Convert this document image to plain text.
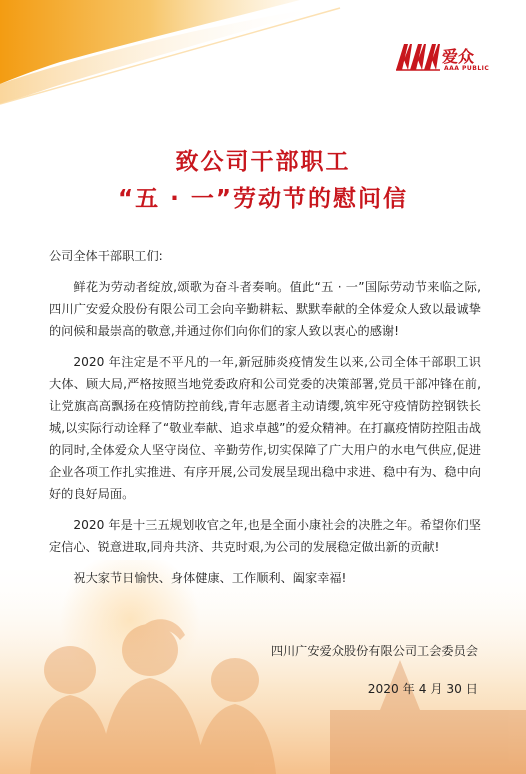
爱众
AAA PUBLIC
致公司干部职工
“五 · 一”劳动节的慰问信

公司全体干部职工们:

鲜花为劳动者绽放,颂歌为奋斗者奏响。值此“五 · 一”国际劳动节来临之际,四川广安爱众股份有限公司工会向辛勤耕耘、默默奉献的全体爱众人致以最诚挚的问候和最崇高的敬意,并通过你们向你们的家人致以衷心的感谢!

2020 年注定是不平凡的一年,新冠肺炎疫情发生以来,公司全体干部职工识大体、顾大局,严格按照当地党委政府和公司党委的决策部署,党员干部冲锋在前,让党旗高高飘扬在疫情防控前线,青年志愿者主动请缨,筑牢死守疫情防控钢铁长城,以实际行动诠释了“敬业奉献、追求卓越”的爱众精神。在打赢疫情防控阻击战的同时,全体爱众人坚守岗位、辛勤劳作,切实保障了广大用户的水电气供应,促进企业各项工作扎实推进、有序开展,公司发展呈现出稳中求进、稳中有为、稳中向好的良好局面。

2020 年是十三五规划收官之年,也是全面小康社会的决胜之年。希望你们坚定信心、锐意进取,同舟共济、共克时艰,为公司的发展稳定做出新的贡献!

祝大家节日愉快、身体健康、工作顺利、阖家幸福!

四川广安爱众股份有限公司工会委员会
2020 年 4 月 30 日
